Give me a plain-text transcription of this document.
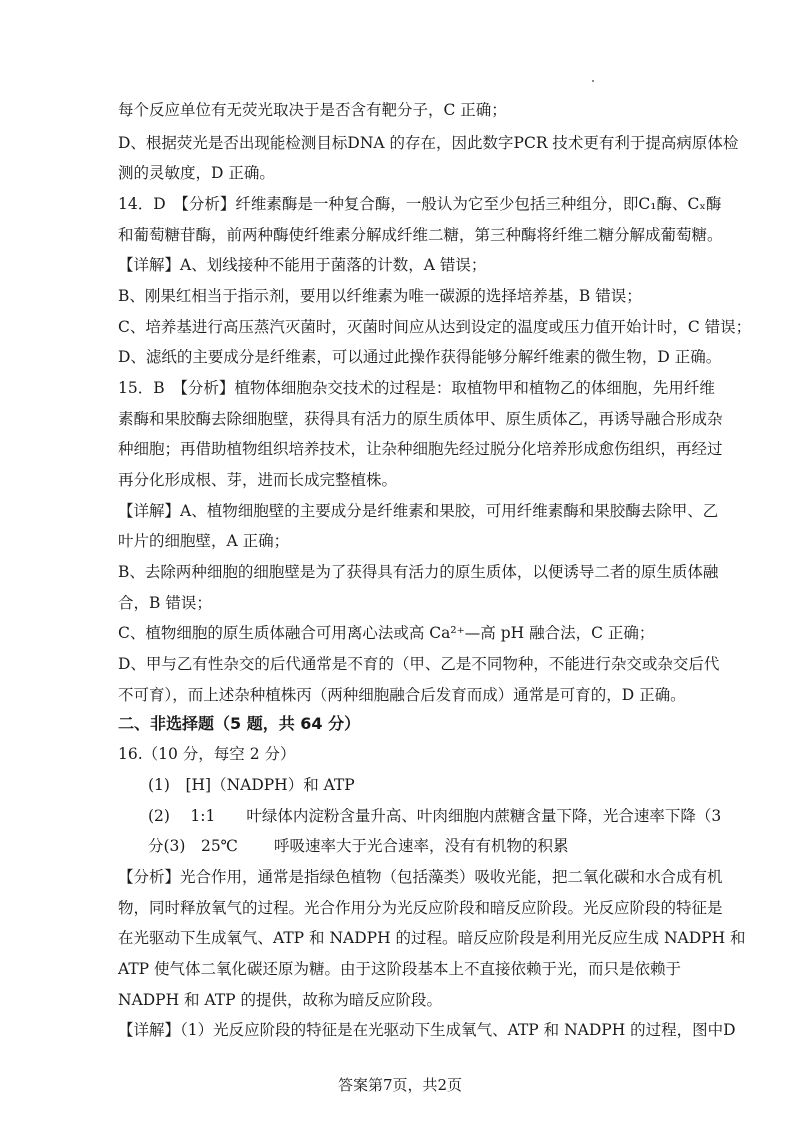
每个反应单位有无荧光取决于是否含有靶分子，C 正确；
D、根据荧光是否出现能检测目标DNA 的存在，因此数字PCR 技术更有利于提高病原体检
测的灵敏度，D 正确。
14．D　【分析】纤维素酶是一种复合酶，一般认为它至少包括三种组分，即C₁酶、Cₓ酶
和葡萄糖苷酶，前两种酶使纤维素分解成纤维二糖，第三种酶将纤维二糖分解成葡萄糖。
【详解】A、划线接种不能用于菌落的计数，A 错误；
B、刚果红相当于指示剂，要用以纤维素为唯一碳源的选择培养基，B 错误；
C、培养基进行高压蒸汽灭菌时，灭菌时间应从达到设定的温度或压力值开始计时，C 错误；
D、滤纸的主要成分是纤维素，可以通过此操作获得能够分解纤维素的微生物，D 正确。
15．B　【分析】植物体细胞杂交技术的过程是：取植物甲和植物乙的体细胞，先用纤维
素酶和果胶酶去除细胞壁，获得具有活力的原生质体甲、原生质体乙，再诱导融合形成杂
种细胞；再借助植物组织培养技术，让杂种细胞先经过脱分化培养形成愈伤组织，再经过
再分化形成根、芽，进而长成完整植株。
【详解】A、植物细胞壁的主要成分是纤维素和果胶，可用纤维素酶和果胶酶去除甲、乙
叶片的细胞壁，A 正确；
B、去除两种细胞的细胞壁是为了获得具有活力的原生质体，以便诱导二者的原生质体融
合，B 错误；
C、植物细胞的原生质体融合可用离心法或高 Ca²⁺—高 pH 融合法，C 正确；
D、甲与乙有性杂交的后代通常是不育的（甲、乙是不同物种，不能进行杂交或杂交后代
不可育），而上述杂种植株丙（两种细胞融合后发育而成）通常是可育的，D 正确。
二、非选择题（5 题，共 64 分）
16.（10 分，每空 2 分）
(1)　[H]（NADPH）和 ATP
(2)　 1:1　　叶绿体内淀粉含量升高、叶肉细胞内蔗糖含量下降，光合速率下降（3
分(3)　25℃　　 呼吸速率大于光合速率，没有有机物的积累
【分析】光合作用，通常是指绿色植物（包括藻类）吸收光能，把二氧化碳和水合成有机
物，同时释放氧气的过程。光合作用分为光反应阶段和暗反应阶段。光反应阶段的特征是
在光驱动下生成氧气、ATP 和 NADPH 的过程。暗反应阶段是利用光反应生成 NADPH 和
ATP 使气体二氧化碳还原为糖。由于这阶段基本上不直接依赖于光，而只是依赖于
NADPH 和 ATP 的提供，故称为暗反应阶段。
【详解】（1）光反应阶段的特征是在光驱动下生成氧气、ATP 和 NADPH 的过程，图中D
答案第7页，共2页
